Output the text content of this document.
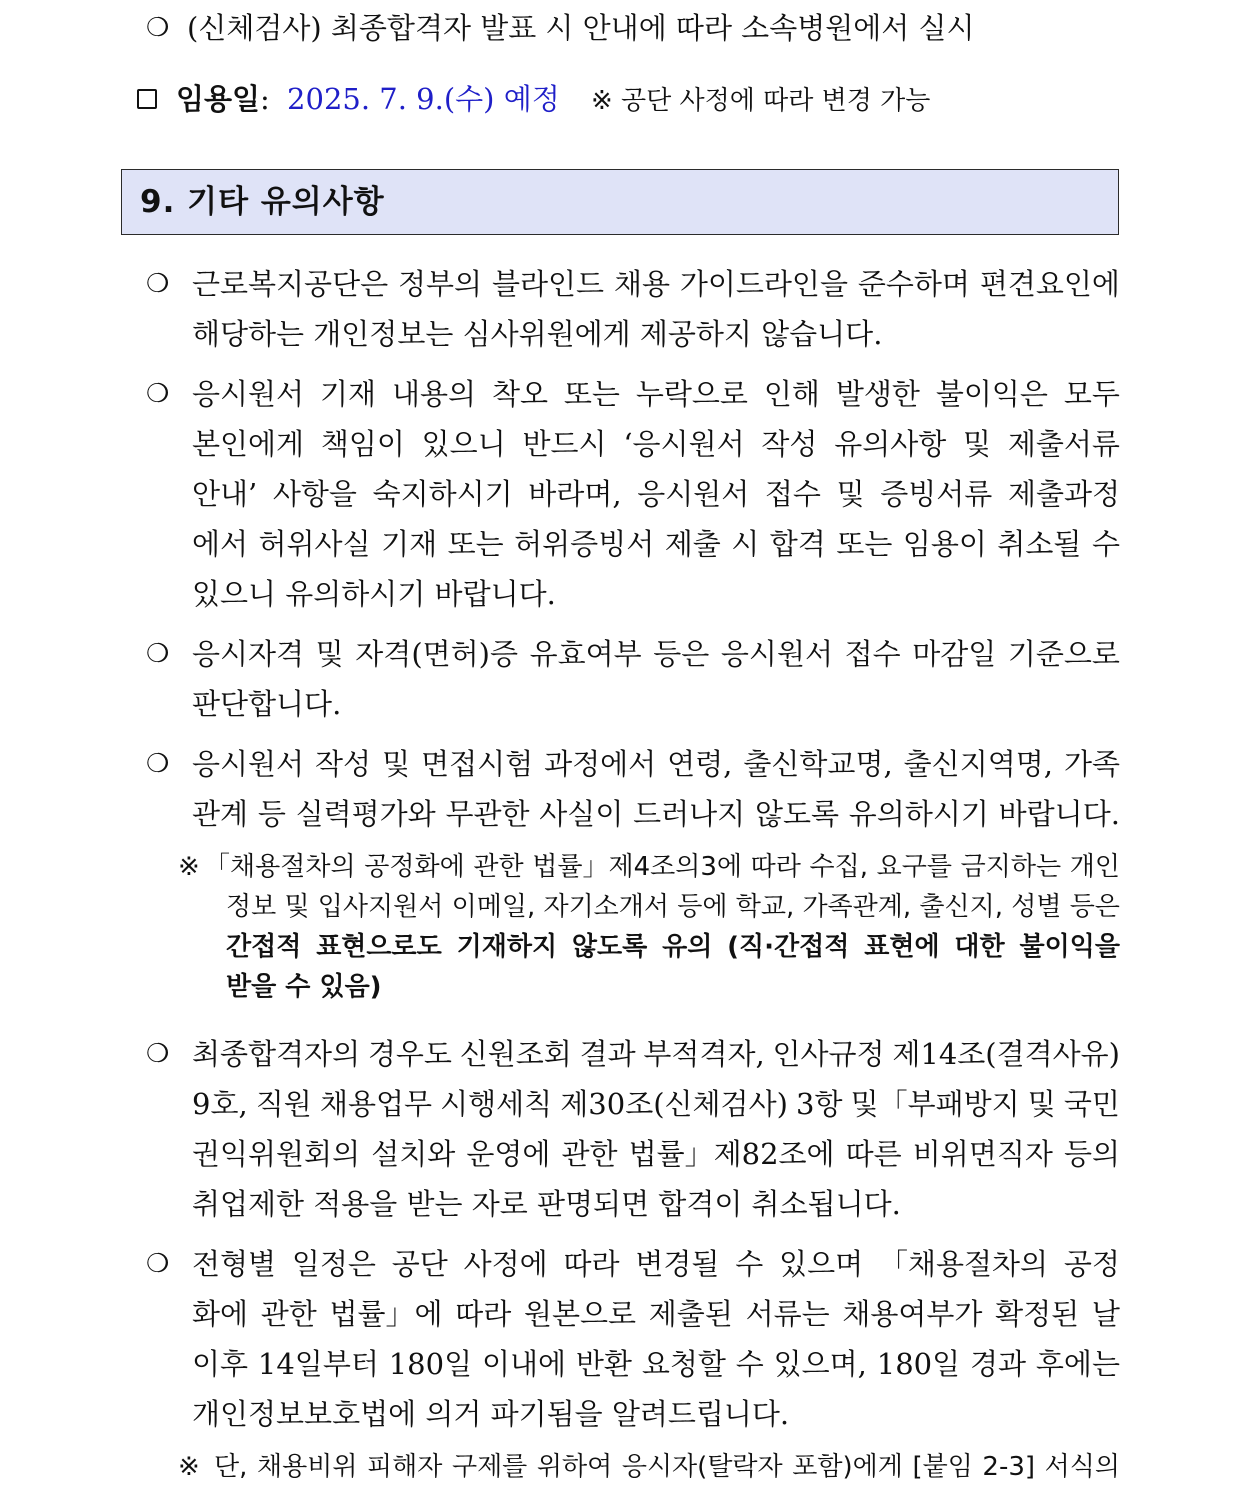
❍ (신체검사) 최종합격자 발표 시 안내에 따라 소속병원에서 실시
임용일: 2025. 7. 9.(수) 예정 ※ 공단 사정에 따라 변경 가능
9. 기타 유의사항
❍ 근로복지공단은 정부의 블라인드 채용 가이드라인을 준수하며 편견요인에
해당하는 개인정보는 심사위원에게 제공하지 않습니다.
❍ 응시원서 기재 내용의 착오 또는 누락으로 인해 발생한 불이익은 모두
본인에게 책임이 있으니 반드시 ‘응시원서 작성 유의사항 및 제출서류
안내’ 사항을 숙지하시기 바라며, 응시원서 접수 및 증빙서류 제출과정
에서 허위사실 기재 또는 허위증빙서 제출 시 합격 또는 임용이 취소될 수
있으니 유의하시기 바랍니다.
❍ 응시자격 및 자격(면허)증 유효여부 등은 응시원서 접수 마감일 기준으로
판단합니다.
❍ 응시원서 작성 및 면접시험 과정에서 연령, 출신학교명, 출신지역명, 가족
관계 등 실력평가와 무관한 사실이 드러나지 않도록 유의하시기 바랍니다.
※ 「채용절차의 공정화에 관한 법률」제4조의3에 따라 수집, 요구를 금지하는 개인
정보 및 입사지원서 이메일, 자기소개서 등에 학교, 가족관계, 출신지, 성별 등은
간접적 표현으로도 기재하지 않도록 유의 (직·간접적 표현에 대한 불이익을
받을 수 있음)
❍ 최종합격자의 경우도 신원조회 결과 부적격자, 인사규정 제14조(결격사유)
9호, 직원 채용업무 시행세칙 제30조(신체검사) 3항 및「부패방지 및 국민
권익위원회의 설치와 운영에 관한 법률」제82조에 따른 비위면직자 등의
취업제한 적용을 받는 자로 판명되면 합격이 취소됩니다.
❍ 전형별 일정은 공단 사정에 따라 변경될 수 있으며 「채용절차의 공정
화에 관한 법률」에 따라 원본으로 제출된 서류는 채용여부가 확정된 날
이후 14일부터 180일 이내에 반환 요청할 수 있으며, 180일 경과 후에는
개인정보보호법에 의거 파기됨을 알려드립니다.
※ 단, 채용비위 피해자 구제를 위하여 응시자(탈락자 포함)에게 [붙임 2-3] 서식의
